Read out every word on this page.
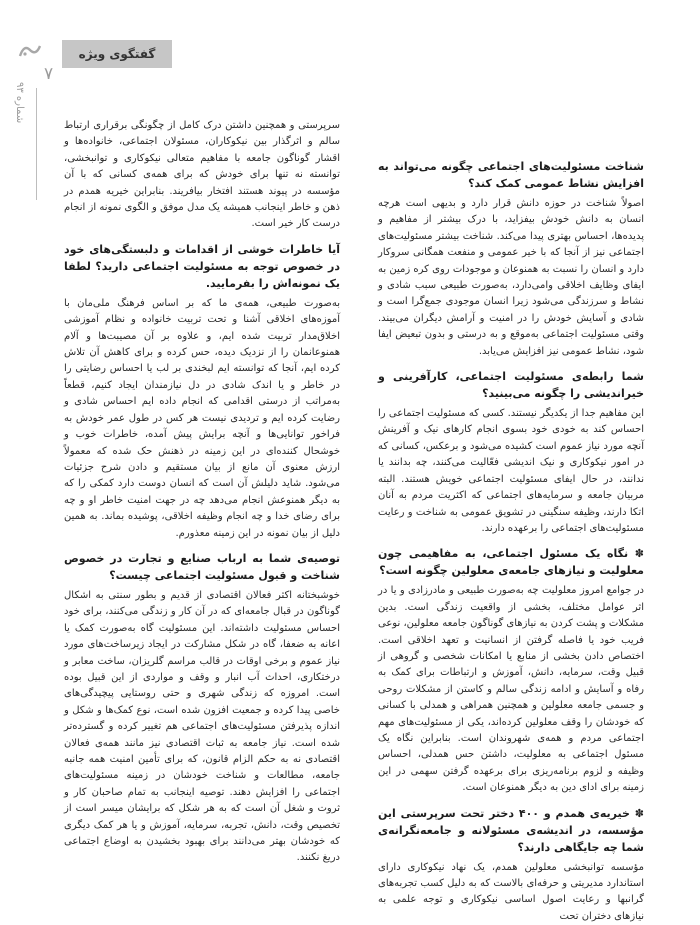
۷
شماره ۹۳
گفتگوی ویژه
شناخت مسئولیت‌های اجتماعی چگونه می‌تواند به افزایش نشاط عمومی کمک کند؟
اصولاً شناخت در حوزه دانش قرار دارد و بدیهی است هرچه انسان به دانش خودش بیفزاید، با درک بیشتر از مفاهیم و پدیده‌ها، احساس بهتری پیدا می‌کند. شناخت بیشتر مسئولیت‌های اجتماعی نیز از آنجا که با خیر عمومی و منفعت همگانی سروکار دارد و انسان را نسبت به همنوعان و موجودات روی کره زمین به ایفای وظایف اخلاقی وامی‌دارد، به‌صورت طبیعی سبب شادی و نشاط و سرزندگی می‌شود زیرا انسان موجودی جمع‌گرا است و شادی و آسایش خودش را در امنیت و آرامش دیگران می‌بیند. وقتی مسئولیت اجتماعی به‌موقع و به درستی و بدون تبعیض ایفا شود، نشاط عمومی نیز افزایش می‌یابد.
شما رابطه‌ی مسئولیت اجتماعی، کارآفرینی و خیراندیشی را چگونه می‌بینید؟
این مفاهیم جدا از یکدیگر نیستند. کسی که مسئولیت اجتماعی را احساس کند به خودی خود بسوی انجام کارهای نیک و آفرینش آنچه مورد نیاز عموم است کشیده می‌شود و برعکس، کسانی که در امور نیکوکاری و نیک اندیشی فعّالیت می‌کنند، چه بدانند یا ندانند، در حال ایفای مسئولیت اجتماعی خویش هستند. البته مربیان جامعه و سرمایه‌های اجتماعی که اکثریت مردم به آنان اتکا دارند، وظیفه سنگینی در تشویق عمومی به شناخت و رعایت مسئولیت‌های اجتماعی را برعهده دارند.
✽ نگاه یک مسئول اجتماعی، به مفاهیمی چون معلولیت و نیازهای جامعه‌ی معلولین چگونه است؟
در جوامع امروز معلولیت چه به‌صورت طبیعی و مادرزادی و یا در اثر عوامل مختلف، بخشی از واقعیت زندگی است. بدین مشکلات و پشت کردن به نیازهای گوناگون جامعه معلولین، نوعی فریب خود یا فاصله گرفتن از انسانیت و تعهد اخلاقی است. اختصاص دادن بخشی از منابع یا امکانات شخصی و گروهی از قبیل وقت، سرمایه، دانش، آموزش و ارتباطات برای کمک به رفاه و آسایش و ادامه زندگی سالم و کاستن از مشکلات روحی و جسمی جامعه معلولین و همچنین همراهی و همدلی با کسانی که خودشان را وقف معلولین کرده‌اند، یکی از مسئولیت‌های مهم اجتماعی مردم و همه‌ی شهروندان است. بنابراین نگاه یک مسئول اجتماعی به معلولیت، داشتن حس همدلی، احساس وظیفه و لزوم برنامه‌ریزی برای برعهده گرفتن سهمی در این زمینه برای ادای دین به دیگر همنوعان است.
✽ خیریه‌ی همدم و ۴۰۰ دختر تحت سرپرستی این مؤسسه، در اندیشه‌ی مسئولانه و جامعه‌نگرانه‌ی شما چه جایگاهی دارند؟
مؤسسه توانبخشی معلولین همدم، یک نهاد نیکوکاری دارای استاندارد مدیریتی و حرفه‌ای بالاست که به دلیل کسب تجربه‌های گرانبها و رعایت اصول اساسی نیکوکاری و توجه علمی به نیازهای دختران تحت
سرپرستی و همچنین داشتن درک کامل از چگونگی برقراری ارتباط سالم و اثرگذار بین نیکوکاران، مسئولان اجتماعی، خانواده‌ها و اقشار گوناگون جامعه با مفاهیم متعالی نیکوکاری و توانبخشی، توانسته نه تنها برای خودش که برای همه‌ی کسانی که با آن مؤسسه در پیوند هستند افتخار بیافریند. بنابراین خیریه همدم در ذهن و خاطر اینجانب همیشه یک مدل موفق و الگوی نمونه از انجام درست کار خیر است.
آیا خاطرات خوشی از اقدامات و دلبستگی‌های خود در خصوص توجه به مسئولیت اجتماعی دارید؟ لطفا یک نمونه‌اش را بفرمایید.
به‌صورت طبیعی، همه‌ی ما که بر اساس فرهنگ ملی‌مان با آموزه‌های اخلاقی آشنا و تحت تربیت خانواده و نظام آموزشی اخلاق‌مدار تربیت شده ایم، و علاوه بر آن مصیبت‌ها و آلام همنوعانمان را از نزدیک دیده، حس کرده و برای کاهش آن تلاش کرده ایم، آنجا که توانسته ایم لبخندی بر لب یا احساس رضایتی را در خاطر و یا اندک شادی در دل نیازمندان ایجاد کنیم، قطعاً به‌مراتب از درستی اقدامی که انجام داده ایم احساس شادی و رضایت کرده ایم و تردیدی نیست هر کس در طول عمر خودش به فراخور توانایی‌ها و آنچه برایش پیش آمده، خاطرات خوب و خوشحال کننده‌ای در این زمینه در ذهنش حک شده که معمولاً ارزش معنوی آن مانع از بیان مستقیم و دادن شرح جزئیات می‌شود. شاید دلیلش آن است که انسان دوست دارد کمکی را که به دیگر همنوعش انجام می‌دهد چه در جهت امنیت خاطر او و چه برای رضای خدا و چه انجام وظیفه اخلاقی، پوشیده بماند. به همین دلیل از بیان نمونه در این زمینه معذورم.
توصیه‌ی شما به ارباب صنایع و تجارت در خصوص شناخت و قبول مسئولیت اجتماعی چیست؟
خوشبختانه اکثر فعالان اقتصادی از قدیم و بطور سنتی به اشکال گوناگون در قبال جامعه‌ای که در آن کار و زندگی می‌کنند، برای خود احساس مسئولیت داشته‌اند. این مسئولیت گاه به‌صورت کمک یا اعانه به ضعفا، گاه در شکل مشارکت در ایجاد زیرساخت‌های مورد نیاز عموم و برخی اوقات در قالب مراسم گلریزان، ساخت معابر و درختکاری، احداث آب انبار و وقف و مواردی از این قبیل بوده است. امروزه که زندگی شهری و حتی روستایی پیچیدگی‌های خاصی پیدا کرده و جمعیت افزون شده است، نوع کمک‌ها و شکل و اندازه پذیرفتن مسئولیت‌های اجتماعی هم تغییر کرده و گسترده‌تر شده است. نیاز جامعه به ثبات اقتصادی نیز مانند همه‌ی فعالان اقتصادی نه به حکم الزام قانون، که برای تأمین امنیت همه جانبه جامعه، مطالعات و شناخت خودشان در زمینه مسئولیت‌های اجتماعی را افزایش دهند. توصیه اینجانب به تمام صاحبان کار و ثروت و شغل آن است که به هر شکل که برایشان میسر است از تخصیص وقت، دانش، تجربه، سرمایه، آموزش و یا هر کمک دیگری که خودشان بهتر می‌دانند برای بهبود بخشیدن به اوضاع اجتماعی دریغ نکنند.
